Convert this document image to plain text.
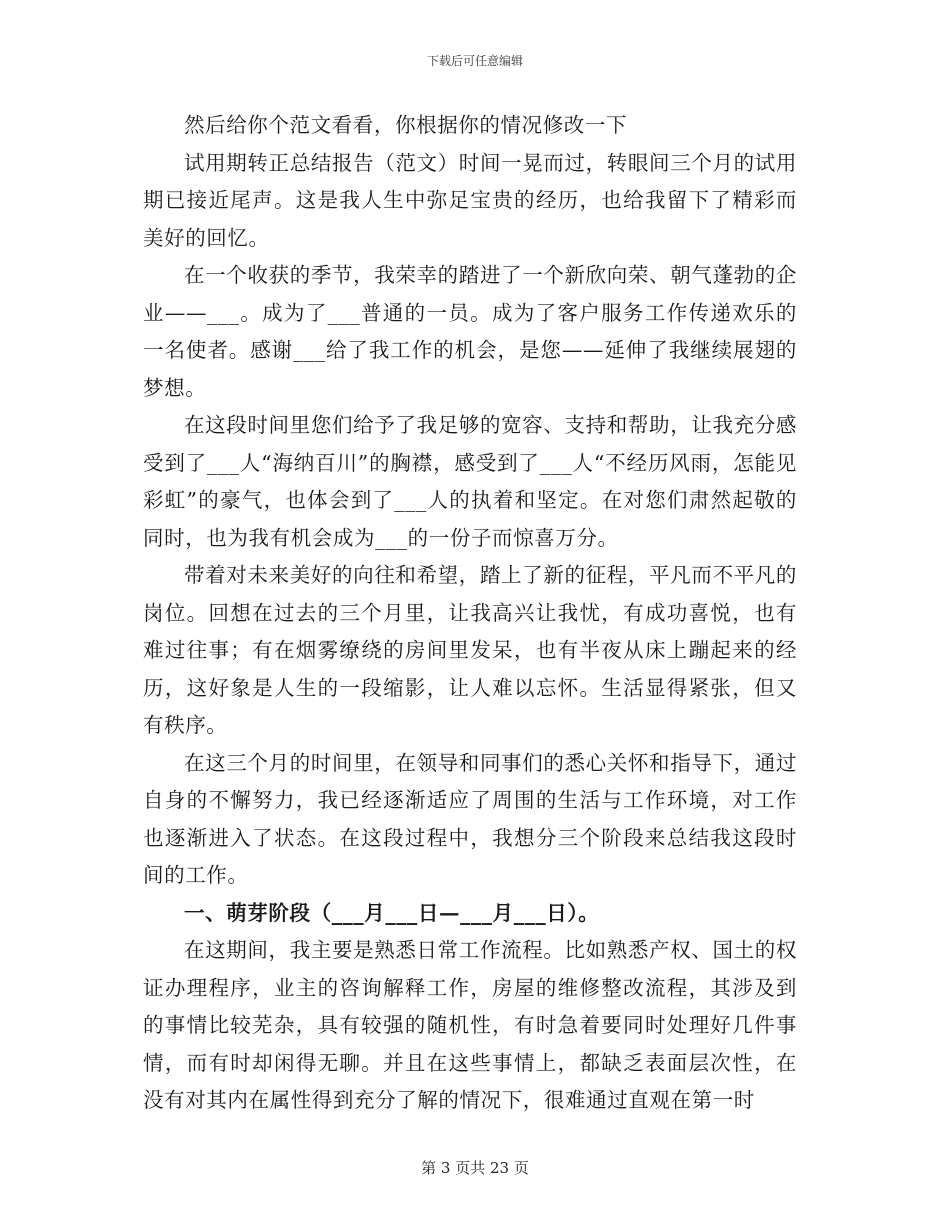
下载后可任意编辑

然后给你个范文看看，你根据你的情况修改一下

试用期转正总结报告（范文）时间一晃而过，转眼间三个月的试用期已接近尾声。这是我人生中弥足宝贵的经历，也给我留下了精彩而美好的回忆。

在一个收获的季节，我荣幸的踏进了一个新欣向荣、朝气蓬勃的企业——___。成为了___普通的一员。成为了客户服务工作传递欢乐的一名使者。感谢___给了我工作的机会，是您——延伸了我继续展翅的梦想。

在这段时间里您们给予了我足够的宽容、支持和帮助，让我充分感受到了___人“海纳百川”的胸襟，感受到了___人“不经历风雨，怎能见彩虹”的豪气，也体会到了___人的执着和坚定。在对您们肃然起敬的同时，也为我有机会成为___的一份子而惊喜万分。

带着对未来美好的向往和希望，踏上了新的征程，平凡而不平凡的岗位。回想在过去的三个月里，让我高兴让我忧，有成功喜悦，也有难过往事；有在烟雾缭绕的房间里发呆，也有半夜从床上蹦起来的经历，这好象是人生的一段缩影，让人难以忘怀。生活显得紧张，但又有秩序。

在这三个月的时间里，在领导和同事们的悉心关怀和指导下，通过自身的不懈努力，我已经逐渐适应了周围的生活与工作环境，对工作也逐渐进入了状态。在这段过程中，我想分三个阶段来总结我这段时间的工作。

一、萌芽阶段（___月___日—___月___日）。

在这期间，我主要是熟悉日常工作流程。比如熟悉产权、国土的权证办理程序，业主的咨询解释工作，房屋的维修整改流程，其涉及到的事情比较芜杂，具有较强的随机性，有时急着要同时处理好几件事情，而有时却闲得无聊。并且在这些事情上，都缺乏表面层次性，在没有对其内在属性得到充分了解的情况下，很难通过直观在第一时

第 3 页共 23 页
